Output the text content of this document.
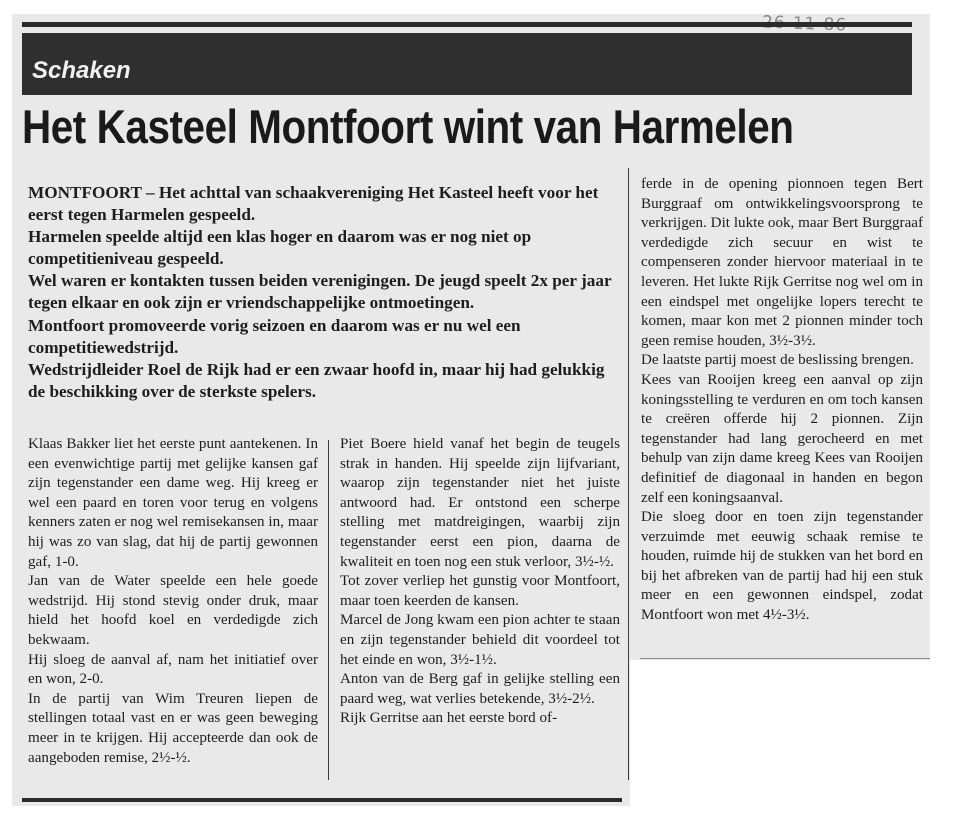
Schaken
Het Kasteel Montfoort wint van Harmelen

MONTFOORT – Het achttal van schaakvereniging Het Kasteel heeft voor het eerst tegen Harmelen gespeeld.

Harmelen speelde altijd een klas hoger en daarom was er nog niet op competitieniveau gespeeld.

Wel waren er kontakten tussen beiden verenigingen. De jeugd speelt 2x per jaar tegen elkaar en ook zijn er vriendschappelijke ontmoetingen.

Montfoort promoveerde vorig seizoen en daarom was er nu wel een competitiewedstrijd.

Wedstrijdleider Roel de Rijk had er een zwaar hoofd in, maar hij had gelukkig de beschikking over de sterkste spelers.

Klaas Bakker liet het eerste punt aantekenen. In een evenwichtige partij met gelijke kansen gaf zijn tegenstander een dame weg. Hij kreeg er wel een paard en toren voor terug en volgens kenners zaten er nog wel remisekansen in, maar hij was zo van slag, dat hij de partij gewonnen gaf, 1-0.

Jan van de Water speelde een hele goede wedstrijd. Hij stond stevig onder druk, maar hield het hoofd koel en verdedigde zich bekwaam.

Hij sloeg de aanval af, nam het initiatief over en won, 2-0.

In de partij van Wim Treuren liepen de stellingen totaal vast en er was geen beweging meer in te krijgen. Hij accepteerde dan ook de aangeboden remise, 2½-½.

Piet Boere hield vanaf het begin de teugels strak in handen. Hij speelde zijn lijfvariant, waarop zijn tegenstander niet het juiste antwoord had. Er ontstond een scherpe stelling met matdreigingen, waarbij zijn tegenstander eerst een pion, daarna de kwaliteit en toen nog een stuk verloor, 3½-½.

Tot zover verliep het gunstig voor Montfoort, maar toen keerden de kansen.

Marcel de Jong kwam een pion achter te staan en zijn tegenstander behield dit voordeel tot het einde en won, 3½-1½.

Anton van de Berg gaf in gelijke stelling een paard weg, wat verlies betekende, 3½-2½.

Rijk Gerritse aan het eerste bord of-

ferde in de opening pionnoen tegen Bert Burggraaf om ontwikkelingsvoorsprong te verkrijgen. Dit lukte ook, maar Bert Burggraaf verdedigde zich secuur en wist te compenseren zonder hiervoor materiaal in te leveren. Het lukte Rijk Gerritse nog wel om in een eindspel met ongelijke lopers terecht te komen, maar kon met 2 pionnen minder toch geen remise houden, 3½-3½.

De laatste partij moest de beslissing brengen.

Kees van Rooijen kreeg een aanval op zijn koningsstelling te verduren en om toch kansen te creëren offerde hij 2 pionnen. Zijn tegenstander had lang gerocheerd en met behulp van zijn dame kreeg Kees van Rooijen definitief de diagonaal in handen en begon zelf een koningsaanval.

Die sloeg door en toen zijn tegenstander verzuimde met eeuwig schaak remise te houden, ruimde hij de stukken van het bord en bij het afbreken van de partij had hij een stuk meer en een gewonnen eindspel, zodat Montfoort won met 4½-3½.
